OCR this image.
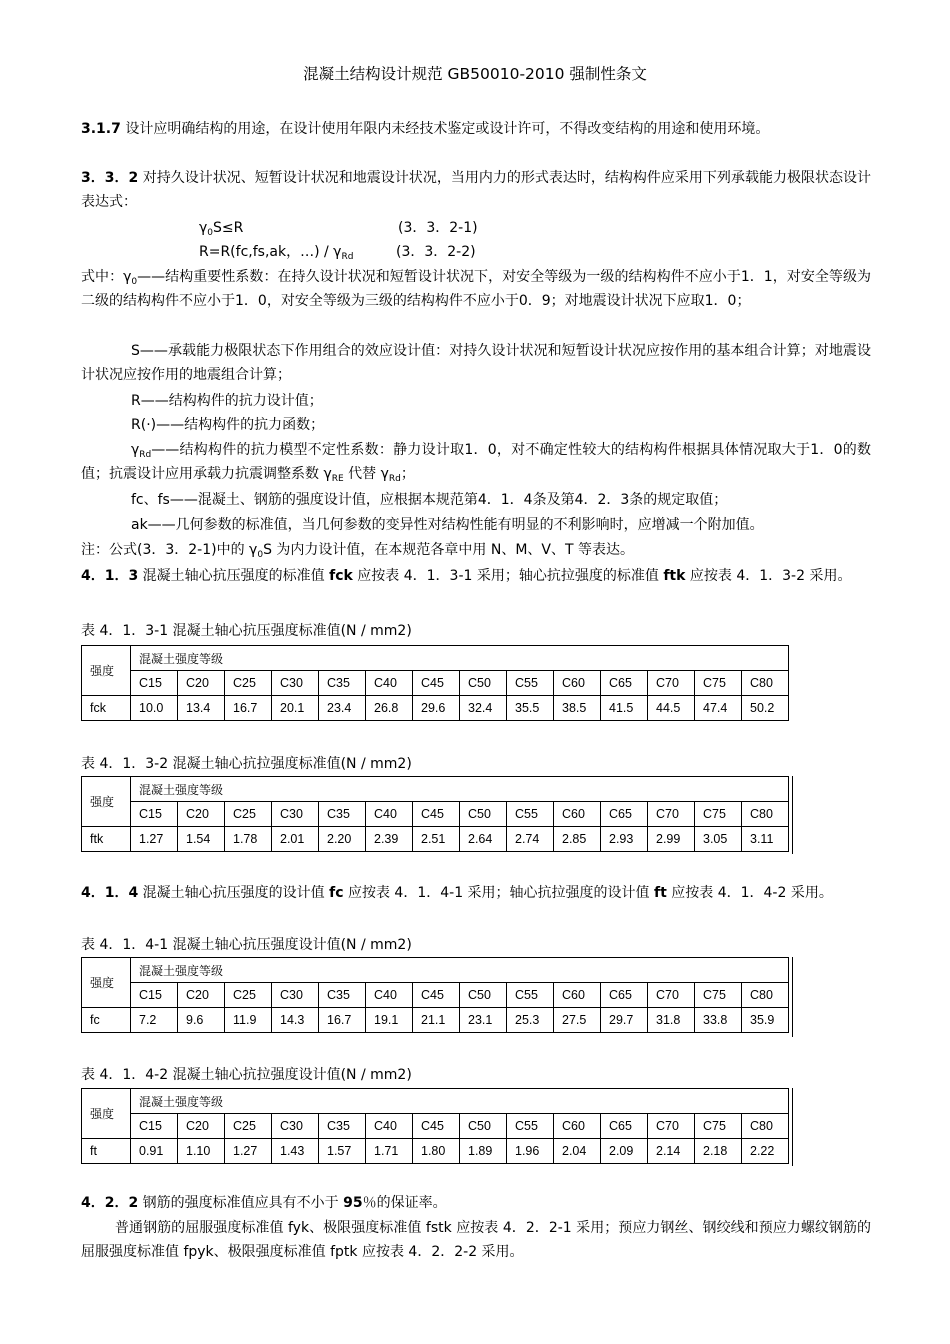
混凝土结构设计规范 GB50010-2010 强制性条文
3.1.7 设计应明确结构的用途，在设计使用年限内未经技术鉴定或设计许可，不得改变结构的用途和使用环境。
3．3．2 对持久设计状况、短暂设计状况和地震设计状况，当用内力的形式表达时，结构构件应采用下列承载能力极限状态设计表达式：
$\gamma_0S\le R$	(3．3．2-1)
R=R(fc,fs,ak，…) / $\gamma_{Rd}$	(3．3．2-2)
式中：$\gamma_0——$结构重要性系数：在持久设计状况和短暂设计状况下，对安全等级为一级的结构构件不应小于1．1，对安全等级为二级的结构构件不应小于1．0，对安全等级为三级的结构构件不应小于0．9；对地震设计状况下应取1．0；
S——承载能力极限状态下作用组合的效应设计值：对持久设计状况和短暂设计状况应按作用的基本组合计算；对地震设计状况应按作用的地震组合计算；
R——结构构件的抗力设计值；
R(·)——结构构件的抗力函数；
$\gamma_{Rd}——$结构构件的抗力模型不定性系数：静力设计取1．0，对不确定性较大的结构构件根据具体情况取大于1．0的数值；抗震设计应用承载力抗震调整系数 $\gamma_{RE}$ 代替 $\gamma_{Rd}$；
fc、fs——混凝土、钢筋的强度设计值，应根据本规范第4．1．4条及第4．2．3条的规定取值；
ak——几何参数的标准值，当几何参数的变异性对结构性能有明显的不利影响时，应增减一个附加值。
注：公式(3．3．2-1)中的 $\gamma_0S$ 为内力设计值，在本规范各章中用 N、M、V、T 等表达。
4．1．3 混凝土轴心抗压强度的标准值 fck 应按表 4．1．3-1 采用；轴心抗拉强度的标准值 ftk 应按表 4．1．3-2 采用。
表 4．1．3-1 混凝土轴心抗压强度标准值(N / mm2)
强度	混凝土强度等级														
	C15	C20	C25	C30	C35	C40	C45	C50	C55	C60	C65	C70	C75	C80	
fck	10.0	13.4	16.7	20.1	23.4	26.8	29.6	32.4	35.5	38.5	41.5	44.5	47.4	50.2	
表 4．1．3-2 混凝土轴心抗拉强度标准值(N / mm2)
强度	混凝土强度等级														
	C15	C20	C25	C30	C35	C40	C45	C50	C55	C60	C65	C70	C75	C80	
ftk	1.27	1.54	1.78	2.01	2.20	2.39	2.51	2.64	2.74	2.85	2.93	2.99	3.05	3.11	
4．1．4 混凝土轴心抗压强度的设计值 fc 应按表 4．1．4-1 采用；轴心抗拉强度的设计值 ft 应按表 4．1．4-2 采用。
表 4．1．4-1 混凝土轴心抗压强度设计值(N / mm2)
强度	混凝土强度等级														
	C15	C20	C25	C30	C35	C40	C45	C50	C55	C60	C65	C70	C75	C80	
fc	7.2	9.6	11.9	14.3	16.7	19.1	21.1	23.1	25.3	27.5	29.7	31.8	33.8	35.9	
表 4．1．4-2 混凝土轴心抗拉强度设计值(N / mm2)
强度	混凝土强度等级														
	C15	C20	C25	C30	C35	C40	C45	C50	C55	C60	C65	C70	C75	C80	
ft	0.91	1.10	1.27	1.43	1.57	1.71	1.80	1.89	1.96	2.04	2.09	2.14	2.18	2.22	
4．2．2 钢筋的强度标准值应具有不小于 95％的保证率。
普通钢筋的屈服强度标准值 fyk、极限强度标准值 fstk 应按表 4．2．2-1 采用；预应力钢丝、钢绞线和预应力螺纹钢筋的屈服强度标准值 fpyk、极限强度标准值 fptk 应按表 4．2．2-2 采用。
